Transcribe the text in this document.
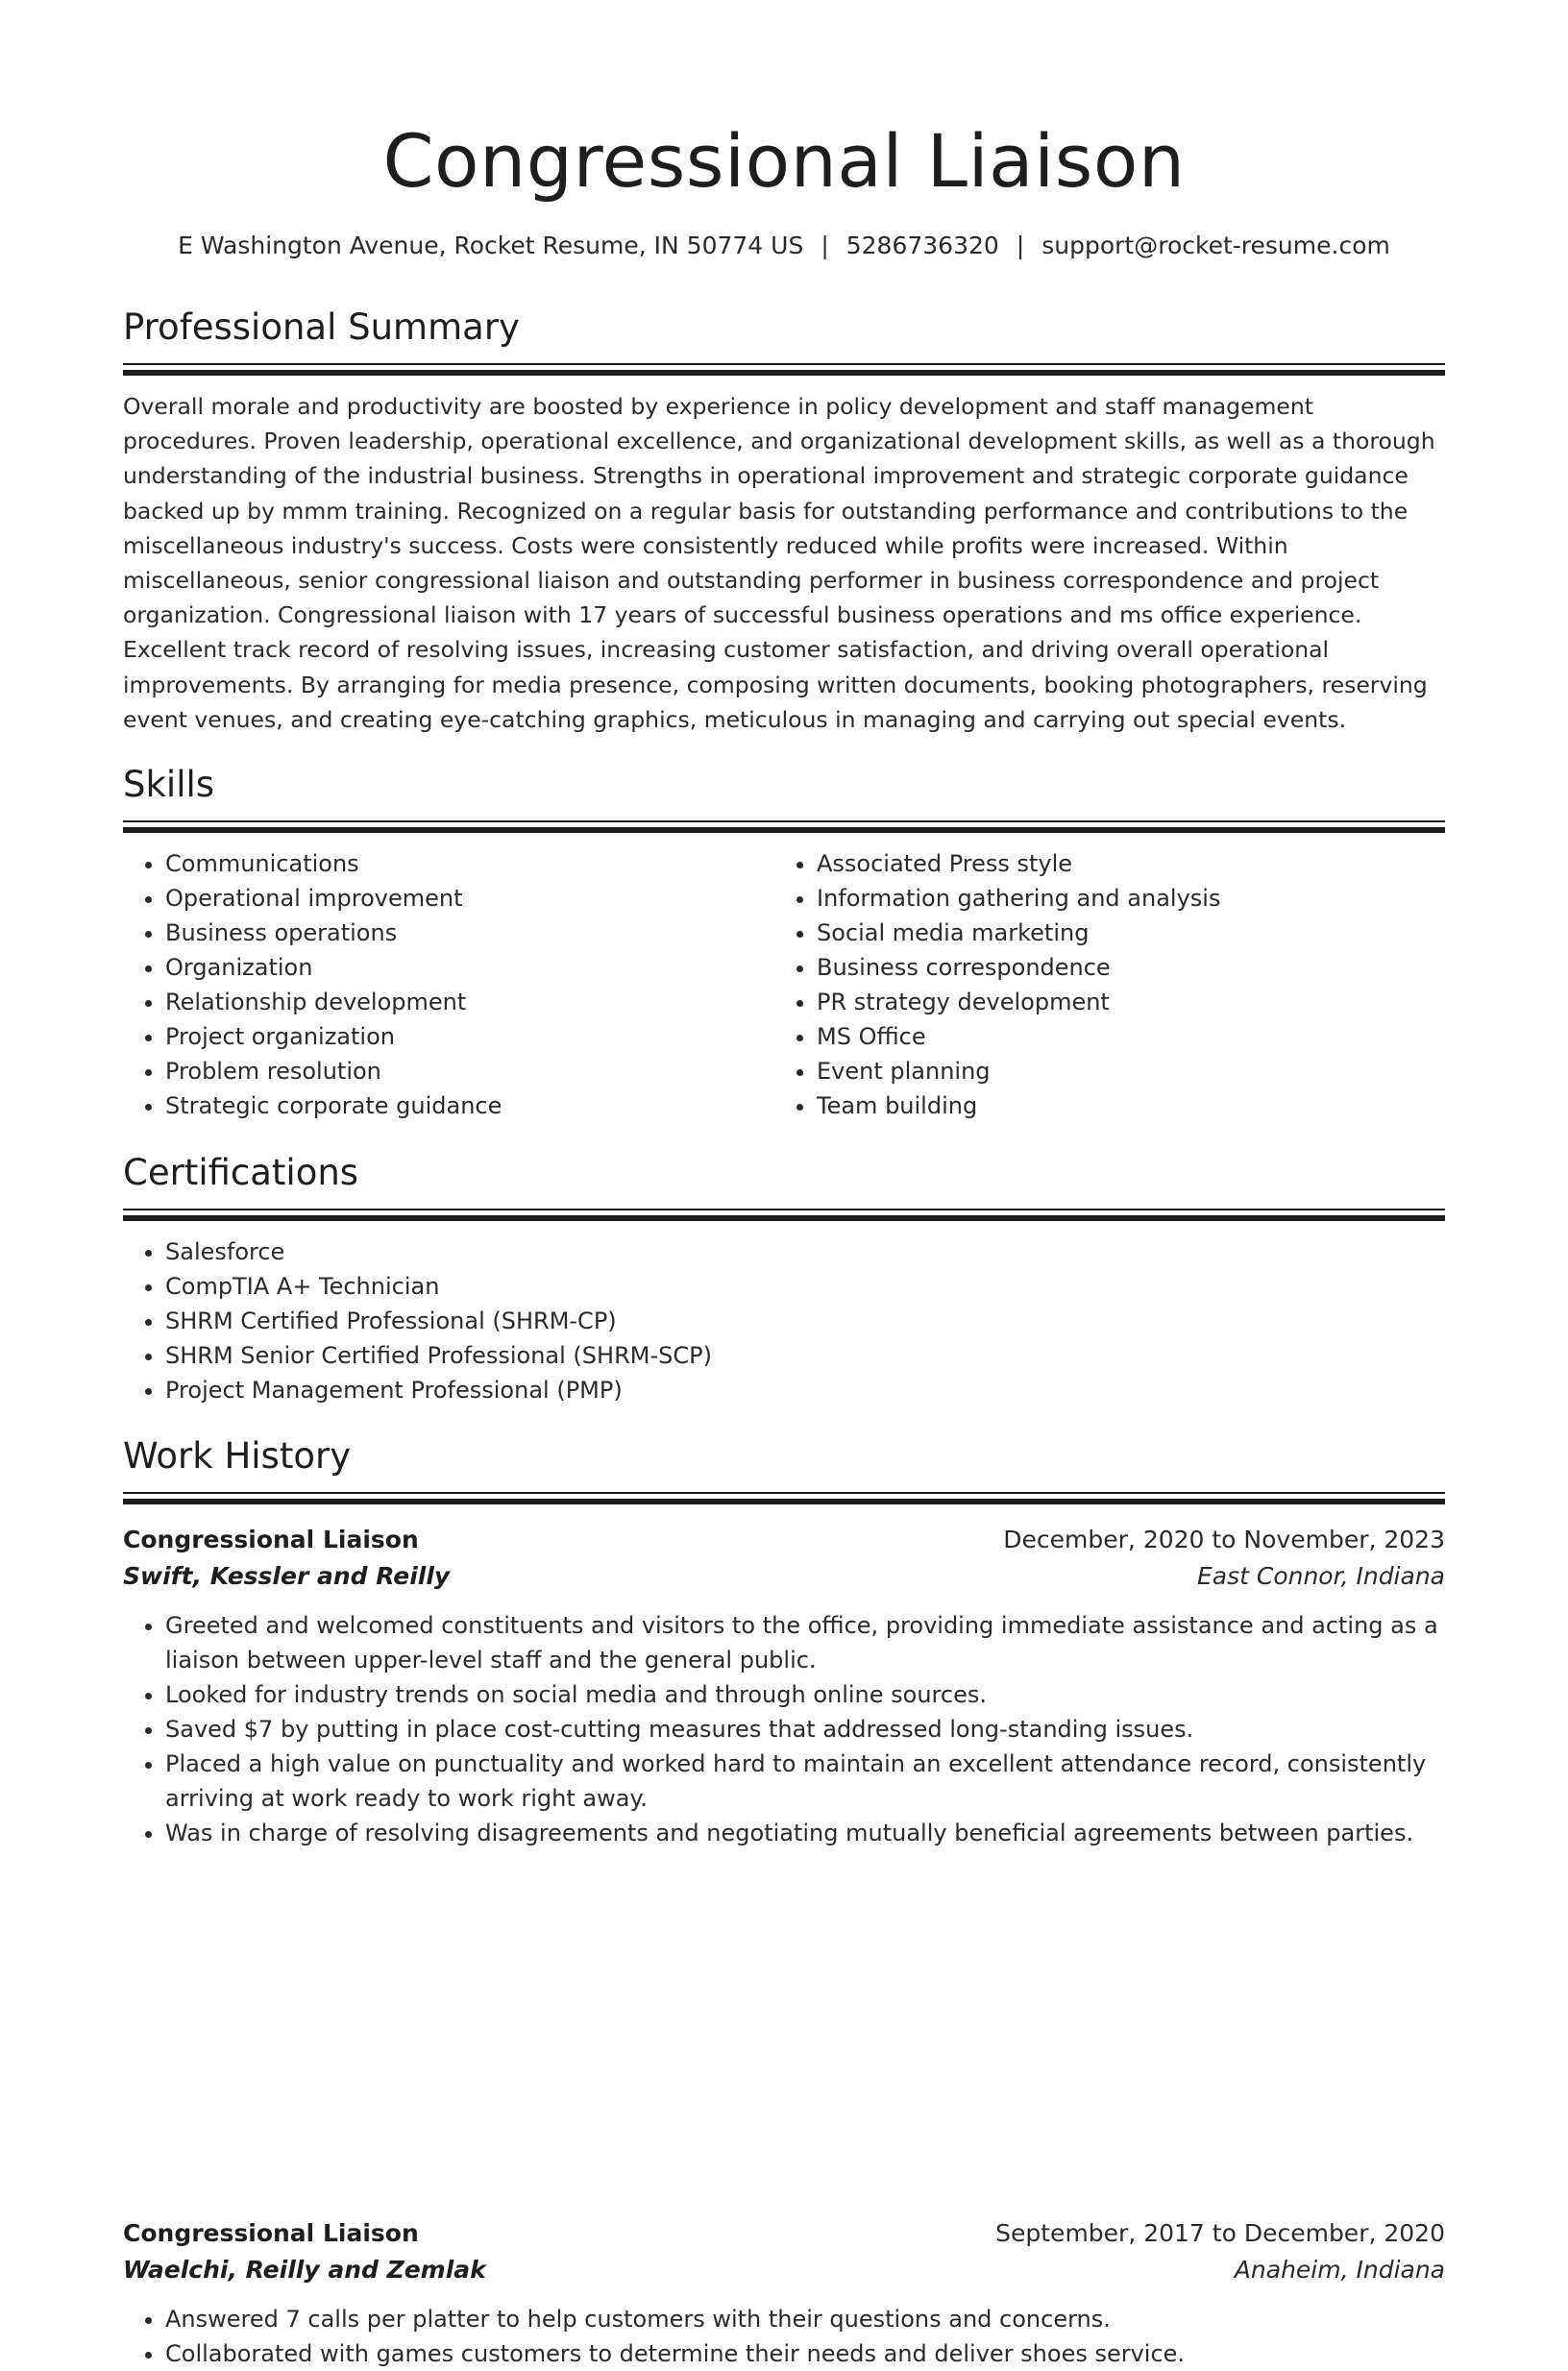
Congressional Liaison
E Washington Avenue, Rocket Resume, IN 50774 US | 5286736320 | support@rocket-resume.com
Professional Summary

Overall morale and productivity are boosted by experience in policy development and staff management procedures. Proven leadership, operational excellence, and organizational development skills, as well as a thorough understanding of the industrial business. Strengths in operational improvement and strategic corporate guidance backed up by mmm training. Recognized on a regular basis for outstanding performance and contributions to the miscellaneous industry's success. Costs were consistently reduced while profits were increased. Within miscellaneous, senior congressional liaison and outstanding performer in business correspondence and project organization. Congressional liaison with 17 years of successful business operations and ms office experience. Excellent track record of resolving issues, increasing customer satisfaction, and driving overall operational improvements. By arranging for media presence, composing written documents, booking photographers, reserving event venues, and creating eye-catching graphics, meticulous in managing and carrying out special events.

Skills
• Communications
• Operational improvement
• Business operations
• Organization
• Relationship development
• Project organization
• Problem resolution
• Strategic corporate guidance
• Associated Press style
• Information gathering and analysis
• Social media marketing
• Business correspondence
• PR strategy development
• MS Office
• Event planning
• Team building
Certifications
• Salesforce
• CompTIA A+ Technician
• SHRM Certified Professional (SHRM-CP)
• SHRM Senior Certified Professional (SHRM-SCP)
• Project Management Professional (PMP)
Work History
Congressional Liaison	December, 2020 to November, 2023
Swift, Kessler and Reilly	East Connor, Indiana
• Greeted and welcomed constituents and visitors to the office, providing immediate assistance and acting as a liaison between upper-level staff and the general public.
• Looked for industry trends on social media and through online sources.
• Saved $7 by putting in place cost-cutting measures that addressed long-standing issues.
• Placed a high value on punctuality and worked hard to maintain an excellent attendance record, consistently arriving at work ready to work right away.
• Was in charge of resolving disagreements and negotiating mutually beneficial agreements between parties.
Congressional Liaison	September, 2017 to December, 2020
Waelchi, Reilly and Zemlak	Anaheim, Indiana
• Answered 7 calls per platter to help customers with their questions and concerns.
• Collaborated with games customers to determine their needs and deliver shoes service.
